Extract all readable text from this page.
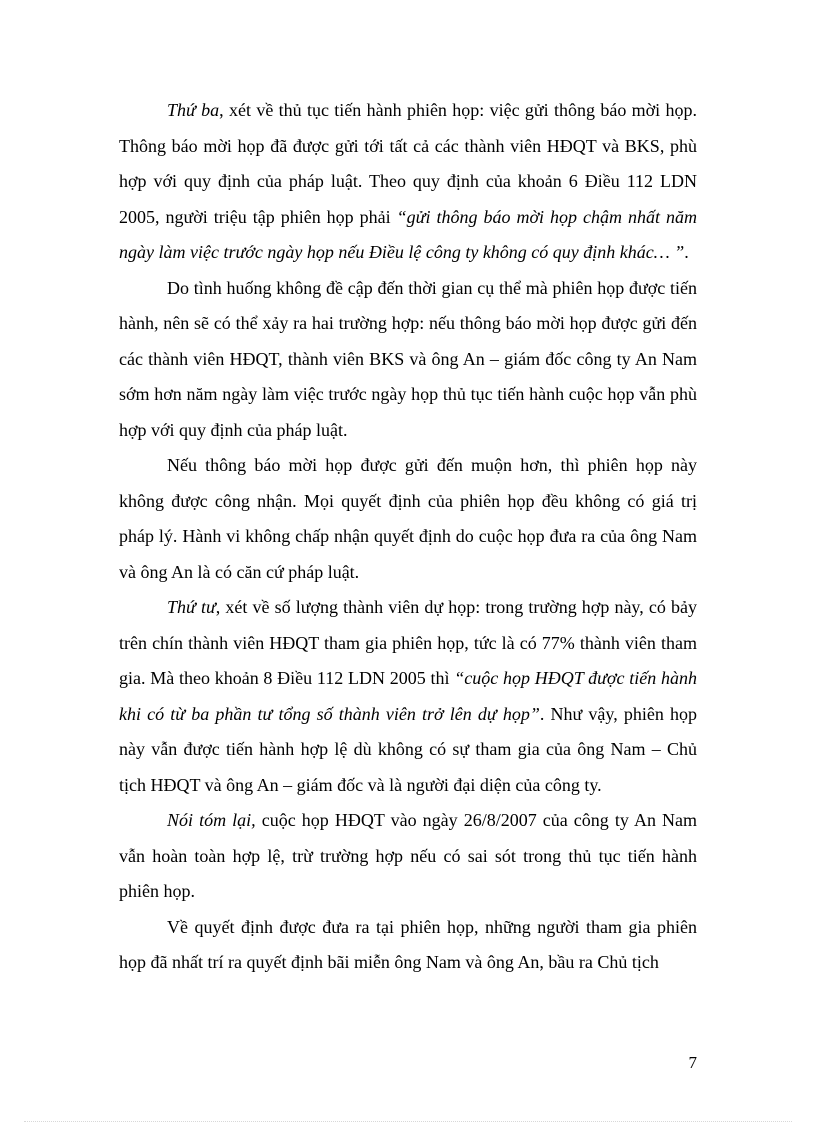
Thứ ba, xét về thủ tục tiến hành phiên họp: việc gửi thông báo mời họp. Thông báo mời họp đã được gửi tới tất cả các thành viên HĐQT và BKS, phù hợp với quy định của pháp luật. Theo quy định của khoản 6 Điều 112 LDN 2005, người triệu tập phiên họp phải “gửi thông báo mời họp chậm nhất năm ngày làm việc trước ngày họp nếu Điều lệ công ty không có quy định khác… ”.

Do tình huống không đề cập đến thời gian cụ thể mà phiên họp được tiến hành, nên sẽ có thể xảy ra hai trường hợp: nếu thông báo mời họp được gửi đến các thành viên HĐQT, thành viên BKS và ông An – giám đốc công ty An Nam sớm hơn năm ngày làm việc trước ngày họp thủ tục tiến hành cuộc họp vẫn phù hợp với quy định của pháp luật.

Nếu thông báo mời họp được gửi đến muộn hơn, thì phiên họp này không được công nhận. Mọi quyết định của phiên họp đều không có giá trị pháp lý. Hành vi không chấp nhận quyết định do cuộc họp đưa ra của ông Nam và ông An là có căn cứ pháp luật.

Thứ tư, xét về số lượng thành viên dự họp: trong trường hợp này, có bảy trên chín thành viên HĐQT tham gia phiên họp, tức là có 77% thành viên tham gia. Mà theo khoản 8 Điều 112 LDN 2005 thì “cuộc họp HĐQT được tiến hành khi có từ ba phần tư tổng số thành viên trở lên dự họp”. Như vậy, phiên họp này vẫn được tiến hành hợp lệ dù không có sự tham gia của ông Nam – Chủ tịch HĐQT và ông An – giám đốc và là người đại diện của công ty.

Nói tóm lại, cuộc họp HĐQT vào ngày 26/8/2007 của công ty An Nam vẫn hoàn toàn hợp lệ, trừ trường hợp nếu có sai sót trong thủ tục tiến hành phiên họp.

Về quyết định được đưa ra tại phiên họp, những người tham gia phiên họp đã nhất trí ra quyết định bãi miễn ông Nam và ông An, bầu ra Chủ tịch

7
